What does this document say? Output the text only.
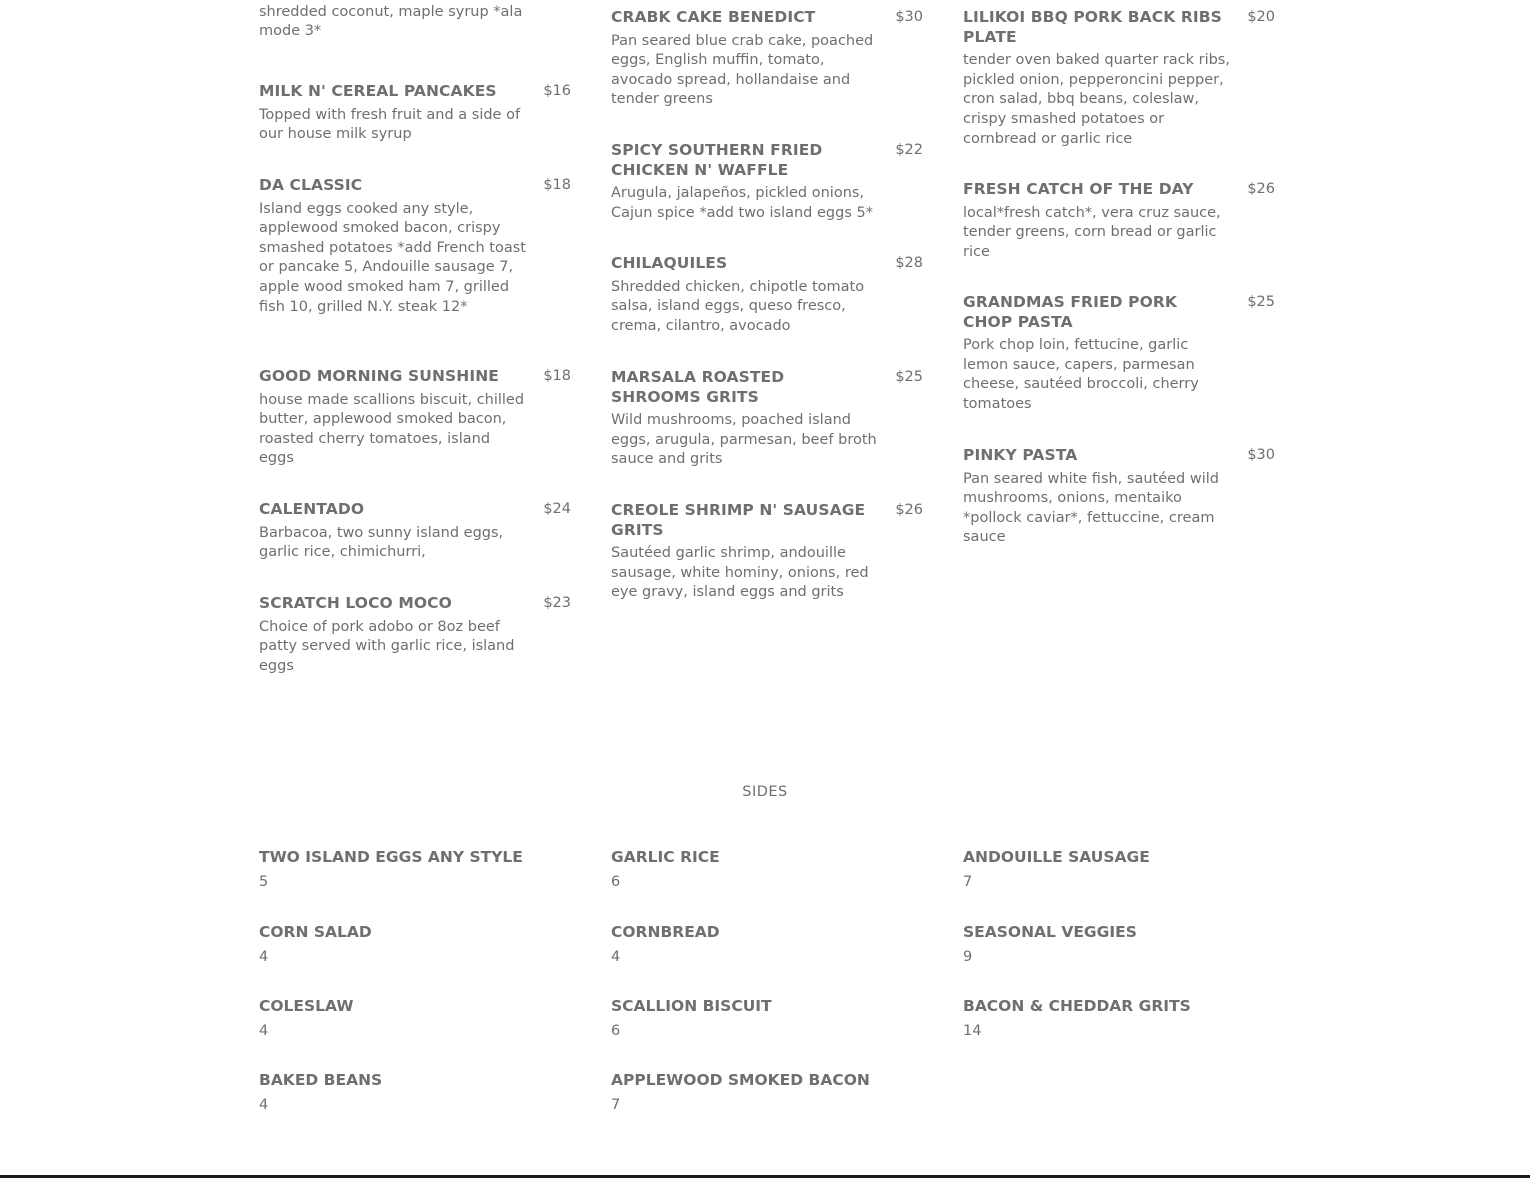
shredded coconut, maple syrup *ala mode 3*
MILK N' CEREAL PANCAKES	$16
Topped with fresh fruit and a side of our house milk syrup
DA CLASSIC	$18
Island eggs cooked any style, applewood smoked bacon, crispy smashed potatoes *add French toast or pancake 5, Andouille sausage 7, apple wood smoked ham 7, grilled fish 10, grilled N.Y. steak 12*
GOOD MORNING SUNSHINE	$18
house made scallions biscuit, chilled butter, applewood smoked bacon, roasted cherry tomatoes, island eggs
CALENTADO	$24
Barbacoa, two sunny island eggs, garlic rice, chimichurri,
SCRATCH LOCO MOCO	$23
Choice of pork adobo or 8oz beef patty served with garlic rice, island eggs
CRABK CAKE BENEDICT	$30
Pan seared blue crab cake, poached eggs, English muffin, tomato, avocado spread, hollandaise and tender greens
SPICY SOUTHERN FRIED CHICKEN N' WAFFLE
$22
Arugula, jalapeños, pickled onions, Cajun spice *add two island eggs 5*
CHILAQUILES	$28
Shredded chicken, chipotle tomato salsa, island eggs, queso fresco, crema, cilantro, avocado
MARSALA ROASTED SHROOMS GRITS
$25
Wild mushrooms, poached island eggs, arugula, parmesan, beef broth sauce and grits
CREOLE SHRIMP N' SAUSAGE GRITS
$26
Sautéed garlic shrimp, andouille sausage, white hominy, onions, red eye gravy, island eggs and grits
LILIKOI BBQ PORK BACK RIBS PLATE
$20
tender oven baked quarter rack ribs, pickled onion, pepperoncini pepper, cron salad, bbq beans, coleslaw, crispy smashed potatoes or cornbread or garlic rice
FRESH CATCH OF THE DAY	$26
local*fresh catch*, vera cruz sauce, tender greens, corn bread or garlic rice
GRANDMAS FRIED PORK CHOP PASTA
$25
Pork chop loin, fettucine, garlic lemon sauce, capers, parmesan cheese, sautéed broccoli, cherry tomatoes
PINKY PASTA	$30
Pan seared white fish, sautéed wild mushrooms, onions, mentaiko *pollock caviar*, fettuccine, cream sauce
SIDES
TWO ISLAND EGGS ANY STYLE
5
CORN SALAD
4
COLESLAW
4
BAKED BEANS
4
GARLIC RICE
6
CORNBREAD
4
SCALLION BISCUIT
6
APPLEWOOD SMOKED BACON
7
ANDOUILLE SAUSAGE
7
SEASONAL VEGGIES
9
BACON & CHEDDAR GRITS
14
